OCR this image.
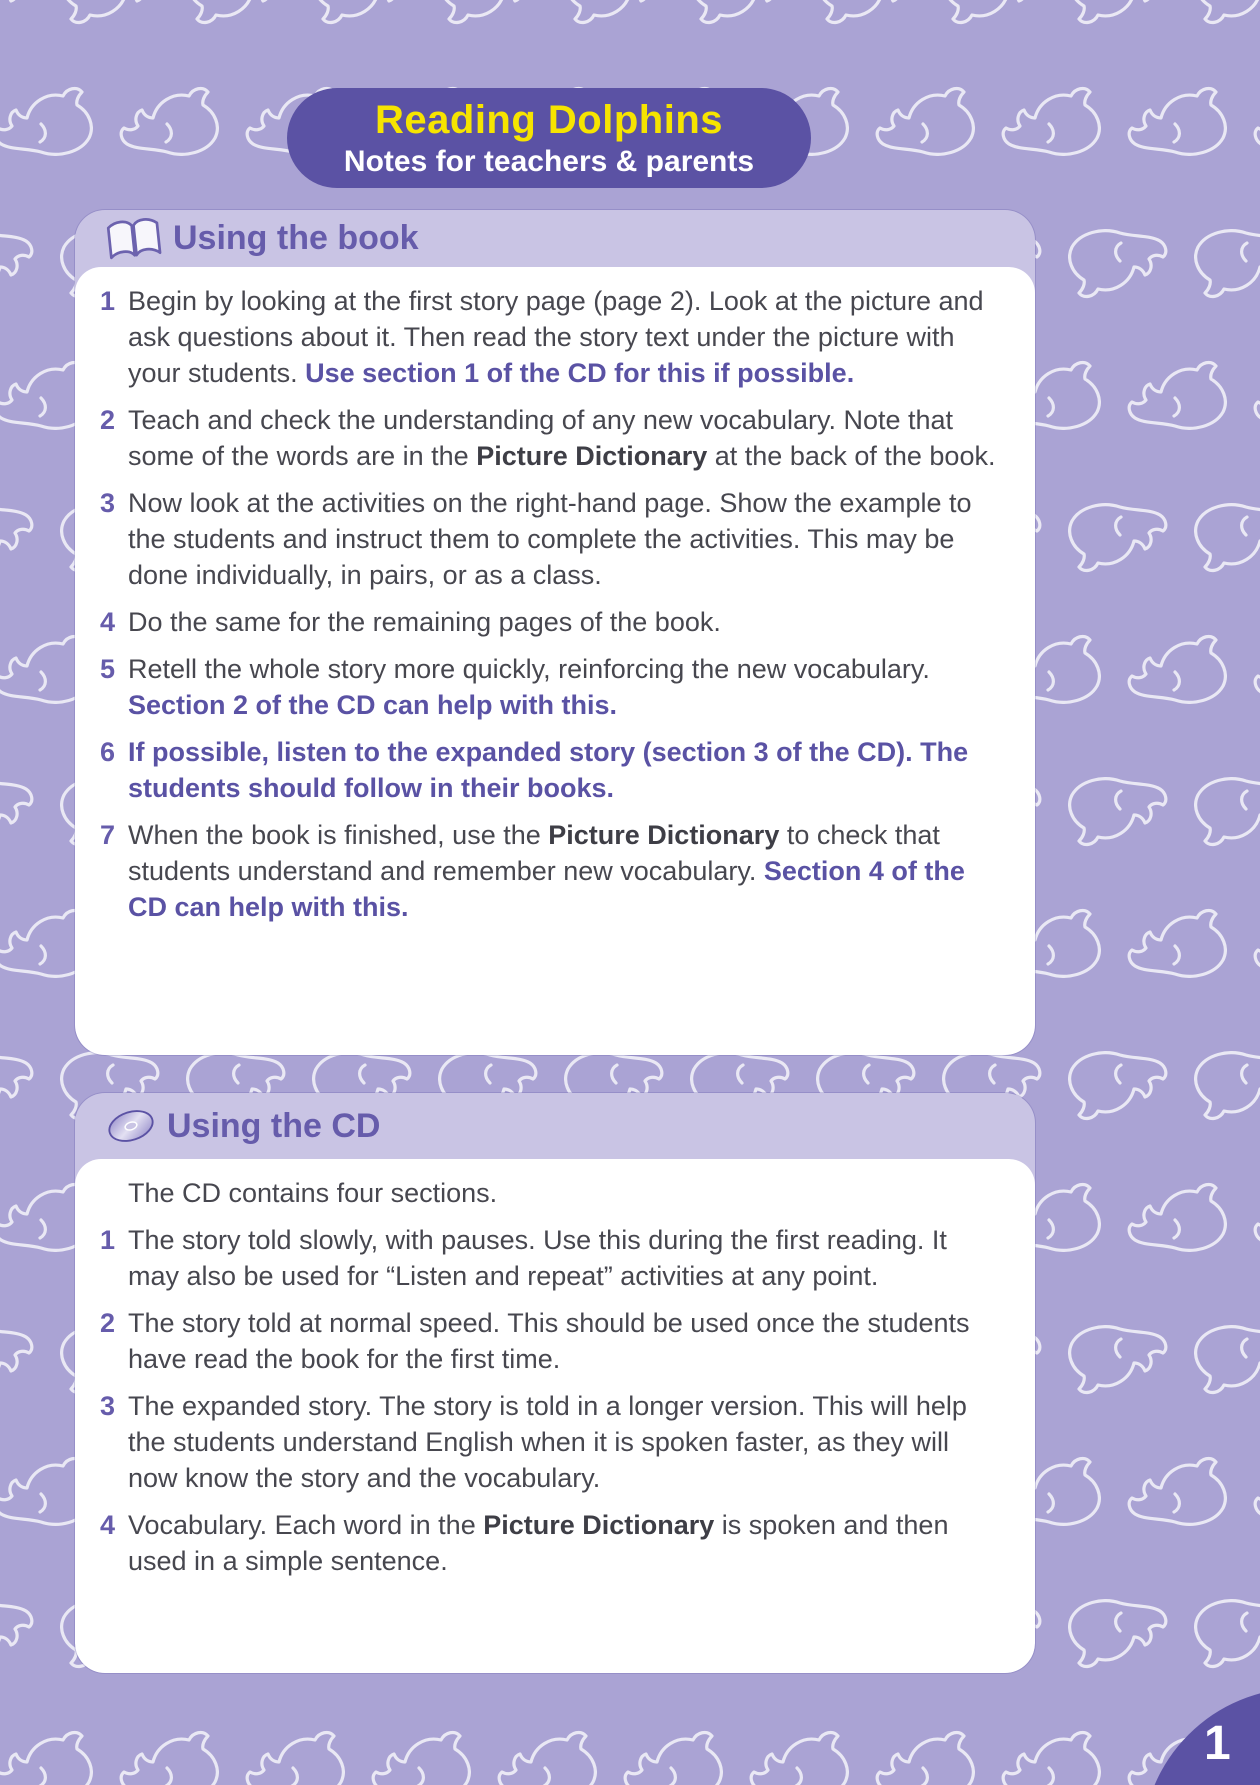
Reading Dolphins
Notes for teachers & parents
Using the book
1 Begin by looking at the first story page (page 2). Look at the picture and ask questions about it. Then read the story text under the picture with your students. Use section 1 of the CD for this if possible.

2 Teach and check the understanding of any new vocabulary. Note that some of the words are in the Picture Dictionary at the back of the book.

3 Now look at the activities on the right-hand page. Show the example to the students and instruct them to complete the activities. This may be done individually, in pairs, or as a class.

4 Do the same for the remaining pages of the book.

5 Retell the whole story more quickly, reinforcing the new vocabulary. Section 2 of the CD can help with this.

6 If possible, listen to the expanded story (section 3 of the CD). The students should follow in their books.

7 When the book is finished, use the Picture Dictionary to check that students understand and remember new vocabulary. Section 4 of the CD can help with this.

Using the CD

The CD contains four sections.

1 The story told slowly, with pauses. Use this during the first reading. It may also be used for “Listen and repeat” activities at any point.

2 The story told at normal speed. This should be used once the students have read the book for the first time.

3 The expanded story. The story is told in a longer version. This will help the students understand English when it is spoken faster, as they will now know the story and the vocabulary.

4 Vocabulary. Each word in the Picture Dictionary is spoken and then used in a simple sentence.

1
